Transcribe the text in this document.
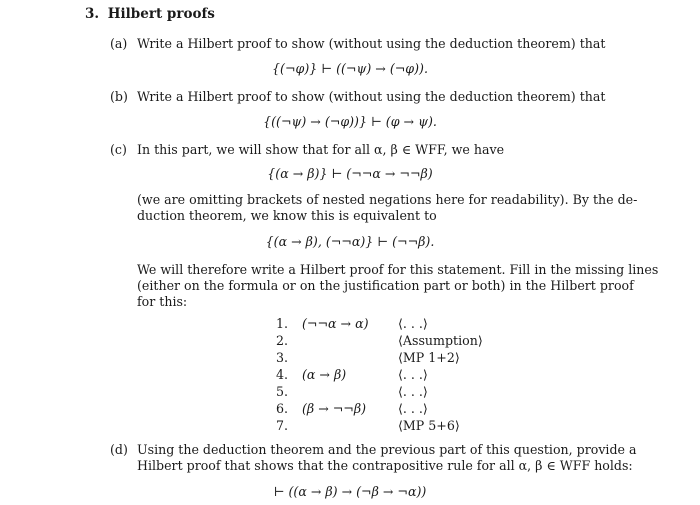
3. Hilbert proofs
(a) Write a Hilbert proof to show (without using the deduction theorem) that
{(¬φ)} ⊢ ((¬ψ) → (¬φ)).
(b) Write a Hilbert proof to show (without using the deduction theorem) that
{((¬ψ) → (¬φ))} ⊢ (φ → ψ).
(c) In this part, we will show that for all α, β ∈ WFF, we have
{(α → β)} ⊢ (¬¬α → ¬¬β)
(we are omitting brackets of nested negations here for readability). By the de-
duction theorem, we know this is equivalent to
{(α → β), (¬¬α)} ⊢ (¬¬β).
We will therefore write a Hilbert proof for this statement. Fill in the missing lines
(either on the formula or on the justification part or both) in the Hilbert proof
for this:
1. (¬¬α → α) ⟨. . .⟩
2.	⟨Assumption⟩
3.	⟨MP 1+2⟩
4. (α → β)	⟨. . .⟩
5.	⟨. . .⟩
6. (β → ¬¬β)	⟨. . .⟩
7.	⟨MP 5+6⟩
(d) Using the deduction theorem and the previous part of this question, provide a
Hilbert proof that shows that the contrapositive rule for all α, β ∈ WFF holds:
⊢ ((α → β) → (¬β → ¬α))
